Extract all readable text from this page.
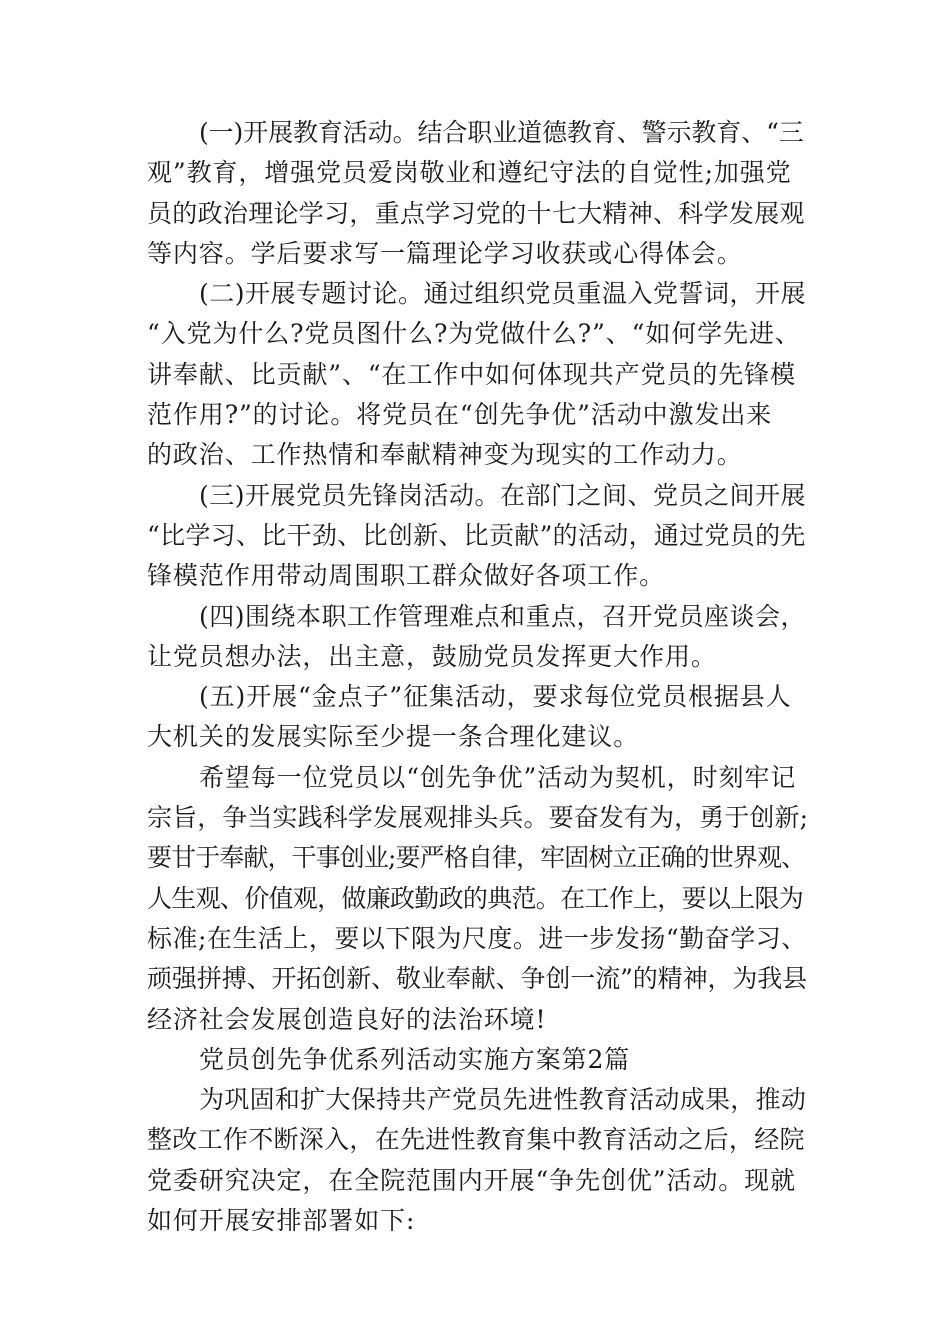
(一)开展教育活动。结合职业道德教育、警示教育、“三
观”教育，增强党员爱岗敬业和遵纪守法的自觉性;加强党
员的政治理论学习，重点学习党的十七大精神、科学发展观
等内容。学后要求写一篇理论学习收获或心得体会。
(二)开展专题讨论。通过组织党员重温入党誓词，开展
“入党为什么?党员图什么?为党做什么?”、“如何学先进、
讲奉献、比贡献”、“在工作中如何体现共产党员的先锋模
范作用?”的讨论。将党员在“创先争优”活动中激发出来
的政治、工作热情和奉献精神变为现实的工作动力。
(三)开展党员先锋岗活动。在部门之间、党员之间开展
“比学习、比干劲、比创新、比贡献”的活动，通过党员的先
锋模范作用带动周围职工群众做好各项工作。
(四)围绕本职工作管理难点和重点，召开党员座谈会，
让党员想办法，出主意，鼓励党员发挥更大作用。
(五)开展“金点子”征集活动，要求每位党员根据县人
大机关的发展实际至少提一条合理化建议。
希望每一位党员以“创先争优”活动为契机，时刻牢记
宗旨，争当实践科学发展观排头兵。要奋发有为，勇于创新;
要甘于奉献，干事创业;要严格自律，牢固树立正确的世界观、
人生观、价值观，做廉政勤政的典范。在工作上，要以上限为
标准;在生活上，要以下限为尺度。进一步发扬“勤奋学习、
顽强拼搏、开拓创新、敬业奉献、争创一流”的精神，为我县
经济社会发展创造良好的法治环境!
党员创先争优系列活动实施方案第2篇
为巩固和扩大保持共产党员先进性教育活动成果，推动
整改工作不断深入，在先进性教育集中教育活动之后，经院
党委研究决定，在全院范围内开展“争先创优”活动。现就
如何开展安排部署如下:
